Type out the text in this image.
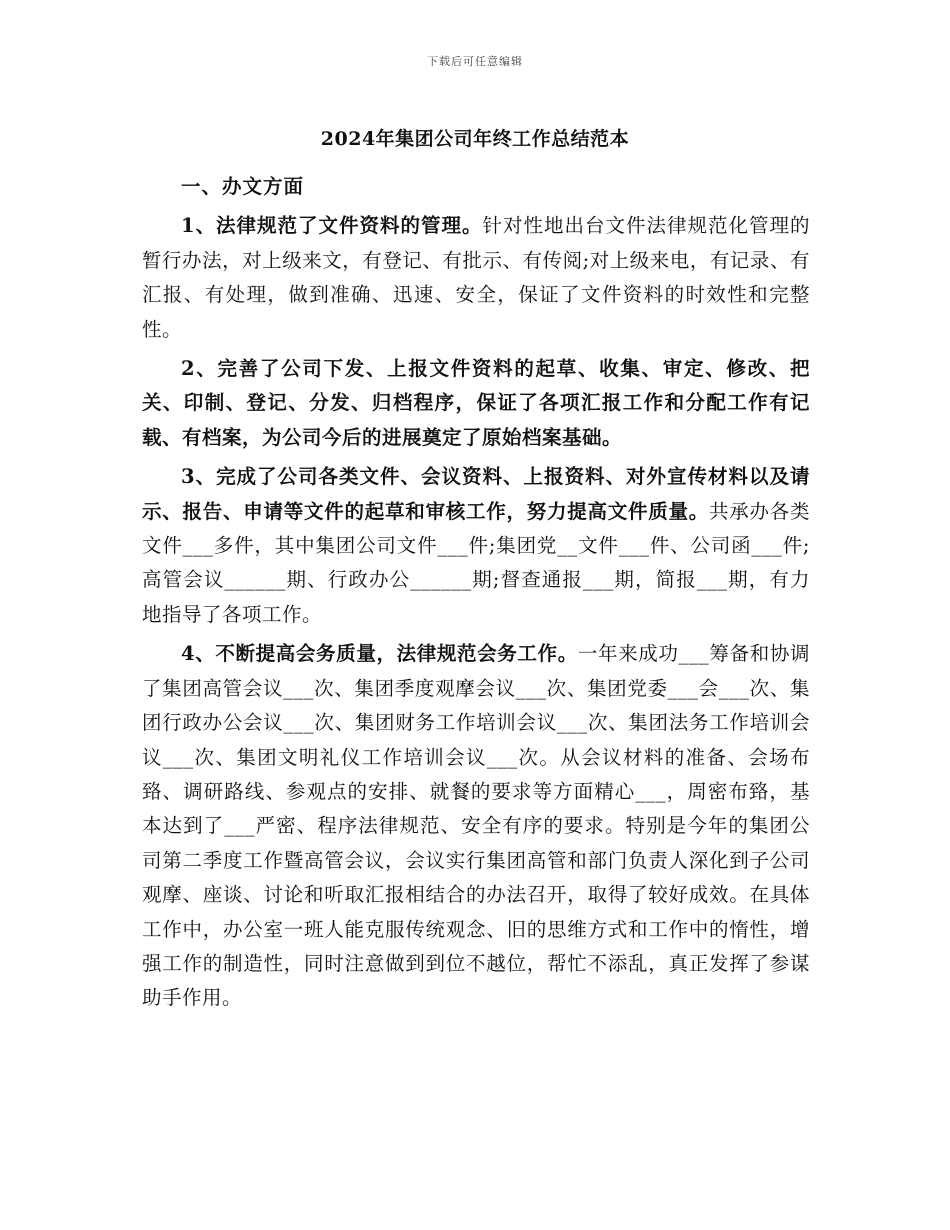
下载后可任意编辑
2024年集团公司年终工作总结范本

一、办文方面

1、法律规范了文件资料的管理。针对性地出台文件法律规范化管理的暂行办法，对上级来文，有登记、有批示、有传阅;对上级来电，有记录、有汇报、有处理，做到准确、迅速、安全，保证了文件资料的时效性和完整性。

2、完善了公司下发、上报文件资料的起草、收集、审定、修改、把关、印制、登记、分发、归档程序，保证了各项汇报工作和分配工作有记载、有档案，为公司今后的进展奠定了原始档案基础。

3、完成了公司各类文件、会议资料、上报资料、对外宣传材料以及请示、报告、申请等文件的起草和审核工作，努力提高文件质量。共承办各类文件___多件，其中集团公司文件___件;集团党__文件___件、公司函___件;高管会议______期、行政办公______期;督查通报___期，简报___期，有力地指导了各项工作。

4、不断提高会务质量，法律规范会务工作。一年来成功___筹备和协调了集团高管会议___次、集团季度观摩会议___次、集团党委___会___次、集团行政办公会议___次、集团财务工作培训会议___次、集团法务工作培训会议___次、集团文明礼仪工作培训会议___次。从会议材料的准备、会场布臵、调研路线、参观点的安排、就餐的要求等方面精心___，周密布臵，基本达到了___严密、程序法律规范、安全有序的要求。特别是今年的集团公司第二季度工作暨高管会议，会议实行集团高管和部门负责人深化到子公司观摩、座谈、讨论和听取汇报相结合的办法召开，取得了较好成效。在具体工作中，办公室一班人能克服传统观念、旧的思维方式和工作中的惰性，增强工作的制造性，同时注意做到到位不越位，帮忙不添乱，真正发挥了参谋助手作用。
